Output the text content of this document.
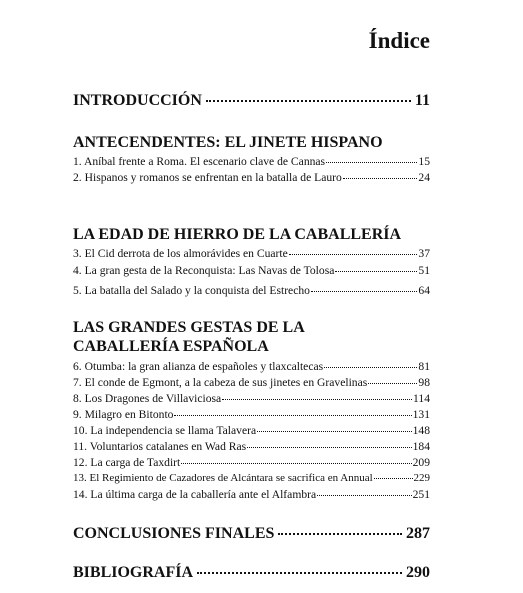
Índice
INTRODUCCIÓN	11
ANTECENDENTES: EL JINETE HISPANO
1. Aníbal frente a Roma. El escenario clave de Cannas	15
2. Hispanos y romanos se enfrentan en la batalla de Lauro	24
LA EDAD DE HIERRO DE LA CABALLERÍA
3. El Cid derrota de los almorávides en Cuarte	37
4. La gran gesta de la Reconquista: Las Navas de Tolosa	51
5. La batalla del Salado y la conquista del Estrecho	64
LAS GRANDES GESTAS DE LA
CABALLERÍA ESPAÑOLA
6. Otumba: la gran alianza de españoles y tlaxcaltecas	81
7. El conde de Egmont, a la cabeza de sus jinetes en Gravelinas	98
8. Los Dragones de Villaviciosa	114
9. Milagro en Bitonto	131
10. La independencia se llama Talavera	148
11. Voluntarios catalanes en Wad Ras	184
12. La carga de Taxdirt	209
13. El Regimiento de Cazadores de Alcántara se sacrifica en Annual	229
14. La última carga de la caballería ante el Alfambra	251
CONCLUSIONES FINALES	287
BIBLIOGRAFÍA	290
